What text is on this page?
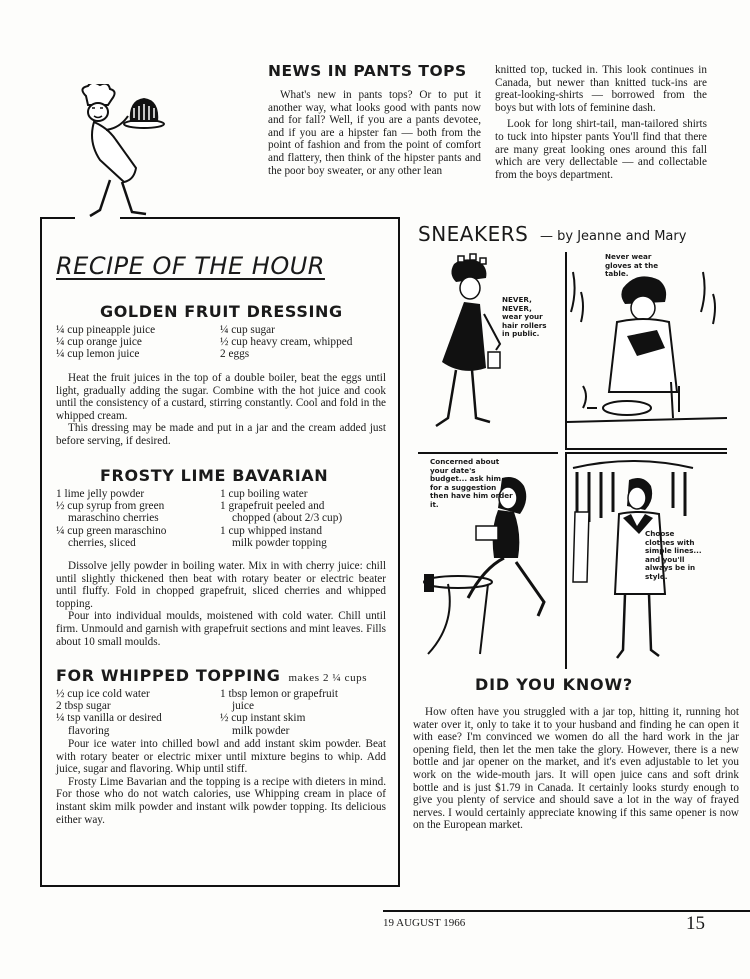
NEWS IN PANTS TOPS

What's new in pants tops? Or to put it another way, what looks good with pants now and for fall? Well, if you are a pants devotee, and if you are a hipster fan — both from the point of fashion and from the point of comfort and flattery, then think of the hipster pants and the poor boy sweater, or any other lean

knitted top, tucked in. This look continues in Canada, but newer than knitted tuck-ins are great-looking-shirts — borrowed from the boys but with lots of feminine dash.

Look for long shirt-tail, man-tailored shirts to tuck into hipster pants You'll find that there are many great looking ones around this fall which are very dellectable — and collectable from the boys department.

RECIPE OF THE HOUR
GOLDEN FRUIT DRESSING
¼ cup pineapple juice
¼ cup orange juice
¼ cup lemon juice
¼ cup sugar
½ cup heavy cream, whipped
2 eggs

Heat the fruit juices in the top of a double boiler, beat the eggs until light, gradually adding the sugar. Combine with the hot juice and cook until the consistency of a custard, stirring constantly. Cool and fold in the whipped cream.

This dressing may be made and put in a jar and the cream added just before serving, if desired.

FROSTY LIME BAVARIAN
1 lime jelly powder
½ cup syrup from green
maraschino cherries
¼ cup green maraschino
cherries, sliced
1 cup boiling water
1 grapefruit peeled and
chopped (about 2/3 cup)
1 cup whipped instand
milk powder topping

Dissolve jelly powder in boiling water. Mix in with cherry juice: chill until slightly thickened then beat with rotary beater or electric beater until fluffy. Fold in chopped grapefruit, sliced cherries and whipped topping.

Pour into individual moulds, moistened with cold water. Chill until firm. Unmould and garnish with grapefruit sections and mint leaves. Fills about 10 small moulds.

FOR WHIPPED TOPPING makes 2 ¼ cups
½ cup ice cold water
2 tbsp sugar
¼ tsp vanilla or desired
flavoring
1 tbsp lemon or grapefruit
juice
½ cup instant skim
milk powder

Pour ice water into chilled bowl and add instant skim powder. Beat with rotary beater or electric mixer until mixture begins to whip. Add juice, sugar and flavoring. Whip until stiff.

Frosty Lime Bavarian and the topping is a recipe with dieters in mind. For those who do not watch calories, use Whipping cream in place of instant skim milk powder and instant wilk powder topping. Its delicious either way.

SNEAKERS — by Jeanne and Mary
NEVER, NEVER, wear your hair rollers in public.
Never wear gloves at the table.
Concerned about your date's budget... ask him for a suggestion then have him order it.
Choose clothes with simple lines... and you'll always be in style.
DID YOU KNOW?

How often have you struggled with a jar top, hitting it, running hot water over it, only to take it to your husband and finding he can open it with ease? I'm convinced we women do all the hard work in the jar opening field, then let the men take the glory. However, there is a new bottle and jar opener on the market, and it's even adjustable to let you work on the wide-mouth jars. It will open juice cans and soft drink bottle and is just $1.79 in Canada. It certainly looks sturdy enough to give you plenty of service and should save a lot in the way of frayed nerves. I would certainly appreciate knowing if this same opener is now on the European market.

19 AUGUST 1966	15
